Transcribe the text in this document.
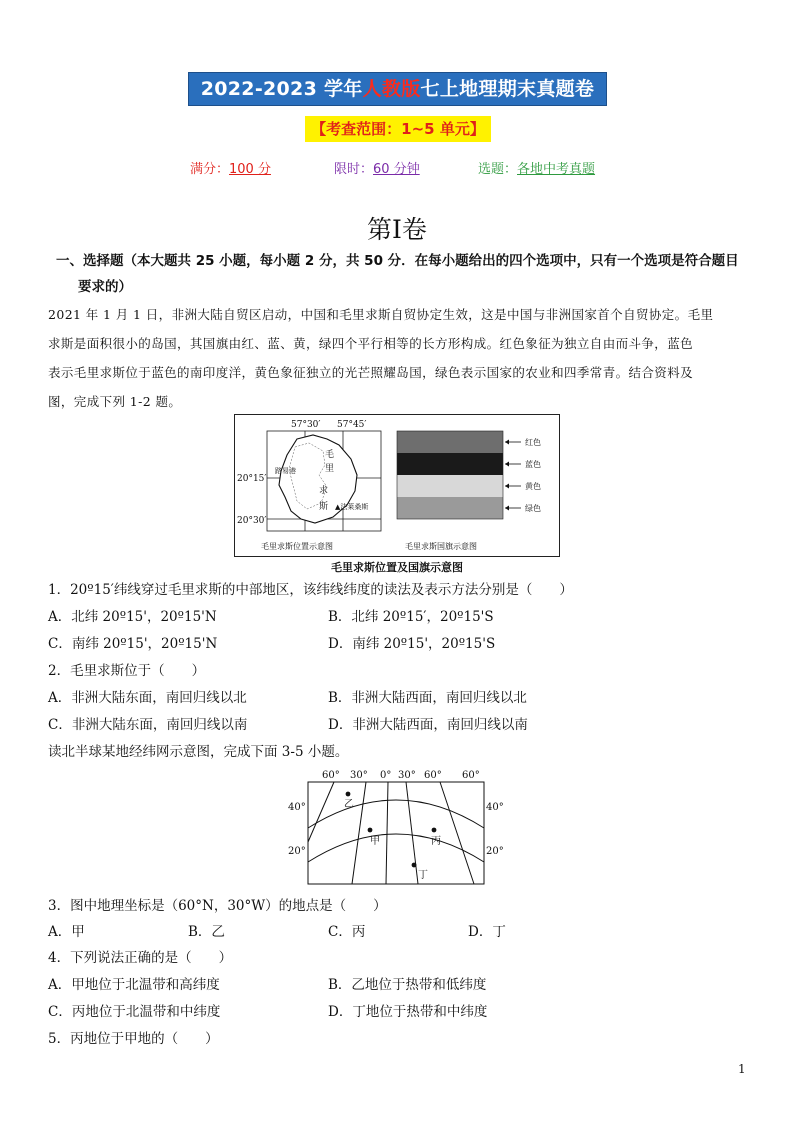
2022-2023 学年人教版七上地理期末真题卷
【考查范围：1~5 单元】
满分：100 分	限时：60 分钟	选题：各地中考真题
第I卷
一、选择题（本大题共 25 小题，每小题 2 分，共 50 分．在每小题给出的四个选项中，只有一个选项是符合题目
要求的）
2021 年 1 月 1 日，非洲大陆自贸区启动，中国和毛里求斯自贸协定生效，这是中国与非洲国家首个自贸协定。毛里
求斯是面积很小的岛国，其国旗由红、蓝、黄，绿四个平行相等的长方形构成。红色象征为独立自由而斗争，蓝色
表示毛里求斯位于蓝色的南印度洋，黄色象征独立的光芒照耀岛国，绿色表示国家的农业和四季常青。结合资料及
图，完成下列 1-2 题。
57°30′ 57°45′
20°15′
20°30′
毛
里
求
斯
路易港
▲法莱桑斯
毛里求斯位置示意图
红色
蓝色
黄色
绿色
毛里求斯国旗示意图
毛里求斯位置及国旗示意图
1．20º15′纬线穿过毛里求斯的中部地区，该纬线纬度的读法及表示方法分别是（　　）
A．北纬 20º15'，20º15'N	B．北纬 20º15′，20º15'S
C．南纬 20º15'，20º15'N	D．南纬 20º15'，20º15'S
2．毛里求斯位于（　　）
A．非洲大陆东面，南回归线以北	B．非洲大陆西面，南回归线以北
C．非洲大陆东面，南回归线以南	D．非洲大陆西面，南回归线以南
读北半球某地经纬网示意图，完成下面 3-5 小题。
60° 30° 0° 30° 60° 60°
40°	40°
20°	20°
乙
甲	丙
丁
3．图中地理坐标是（60°N，30°W）的地点是（　　）
A．甲	B．乙	C．丙	D．丁
4．下列说法正确的是（　　）
A．甲地位于北温带和高纬度	B．乙地位于热带和低纬度
C．丙地位于北温带和中纬度	D．丁地位于热带和中纬度
5．丙地位于甲地的（　　）
1
